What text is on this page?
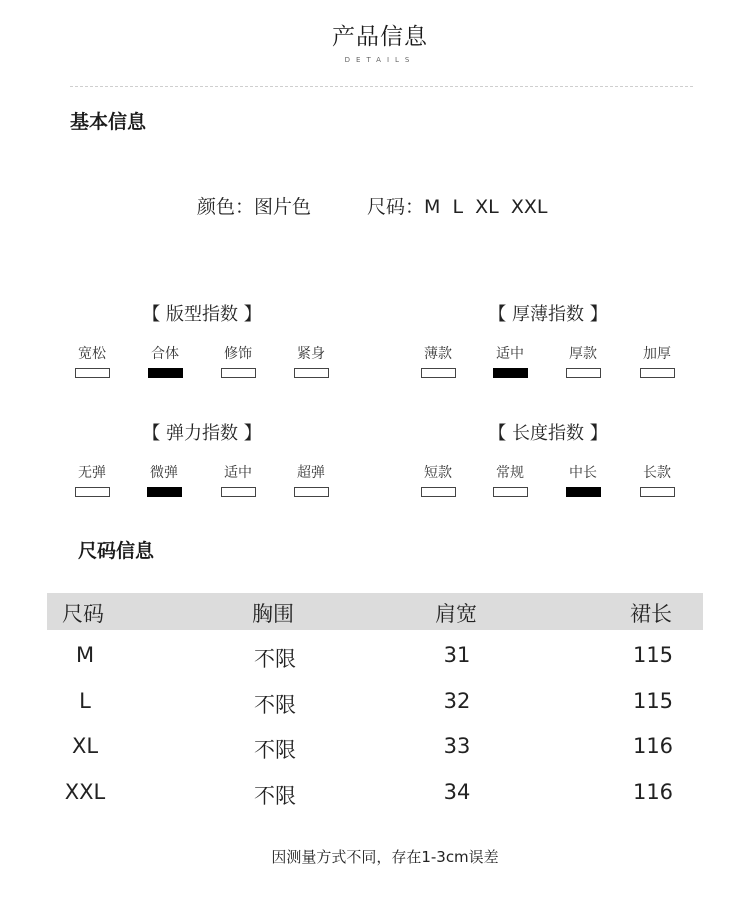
产品信息
DETAILS
基本信息
颜色：图片色	尺码：M  L  XL  XXL
【 版型指数 】	【 厚薄指数 】
【 弹力指数 】	【 长度指数 】
宽松	合体	修饰	紧身	薄款	适中	厚款	加厚
无弹	微弹	适中	超弹	短款	常规	中长	长款
尺码信息
尺码	胸围	肩宽	裙长
M	不限	31	115
L	不限	32	115
XL	不限	33	116
XXL	不限	34	116
因测量方式不同，存在1-3cm误差
